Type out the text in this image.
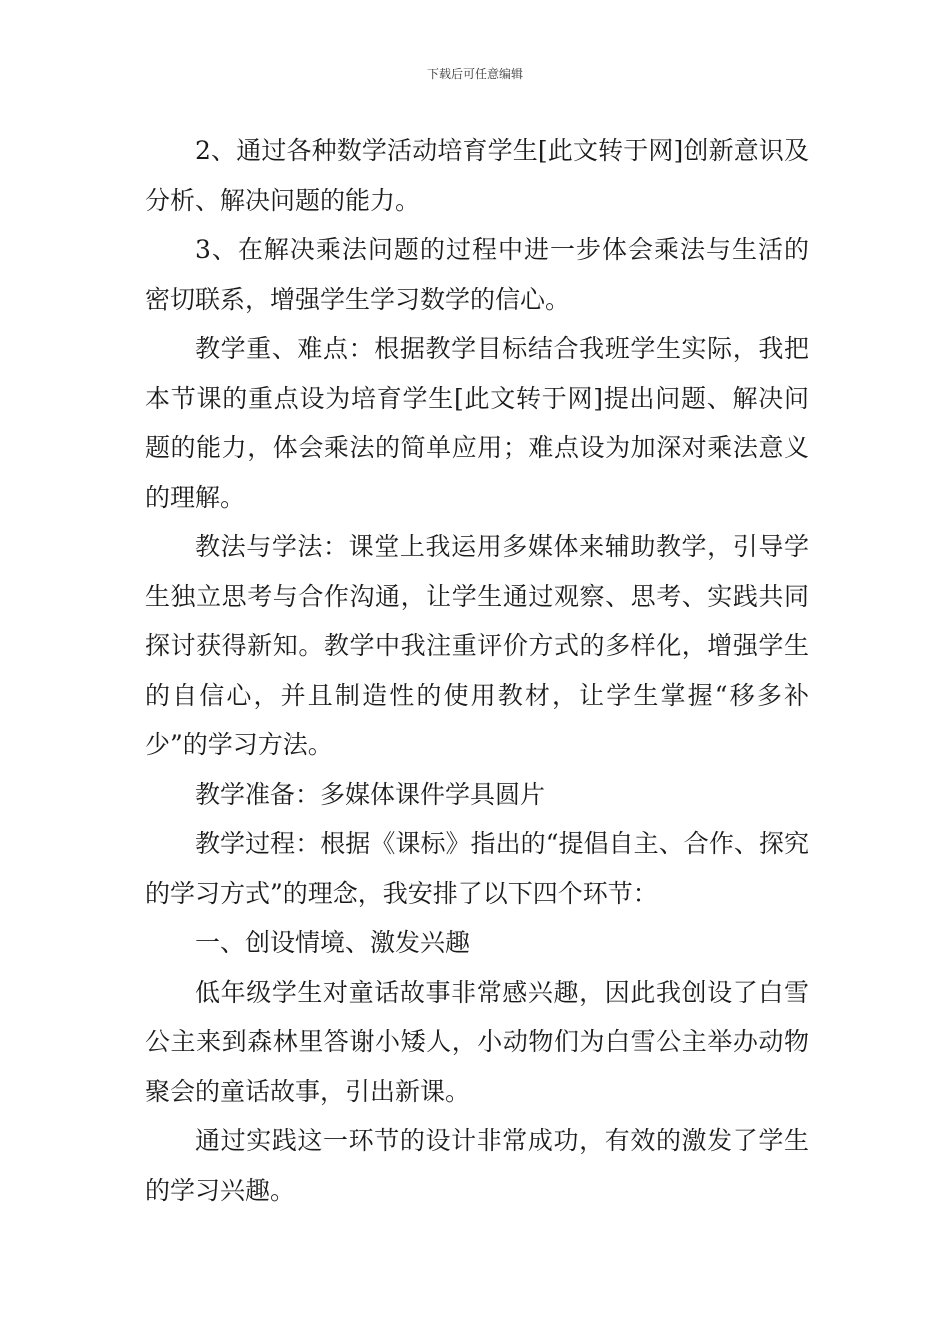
下载后可任意编辑

2、通过各种数学活动培育学生[此文转于网]创新意识及分析、解决问题的能力。

3、在解决乘法问题的过程中进一步体会乘法与生活的密切联系，增强学生学习数学的信心。

教学重、难点：根据教学目标结合我班学生实际，我把本节课的重点设为培育学生[此文转于网]提出问题、解决问题的能力，体会乘法的简单应用；难点设为加深对乘法意义的理解。

教法与学法：课堂上我运用多媒体来辅助教学，引导学生独立思考与合作沟通，让学生通过观察、思考、实践共同探讨获得新知。教学中我注重评价方式的多样化，增强学生的自信心，并且制造性的使用教材，让学生掌握“移多补少”的学习方法。

教学准备：多媒体课件学具圆片

教学过程：根据《课标》指出的“提倡自主、合作、探究的学习方式”的理念，我安排了以下四个环节：

一、创设情境、激发兴趣

低年级学生对童话故事非常感兴趣，因此我创设了白雪公主来到森林里答谢小矮人，小动物们为白雪公主举办动物聚会的童话故事，引出新课。

通过实践这一环节的设计非常成功，有效的激发了学生的学习兴趣。
